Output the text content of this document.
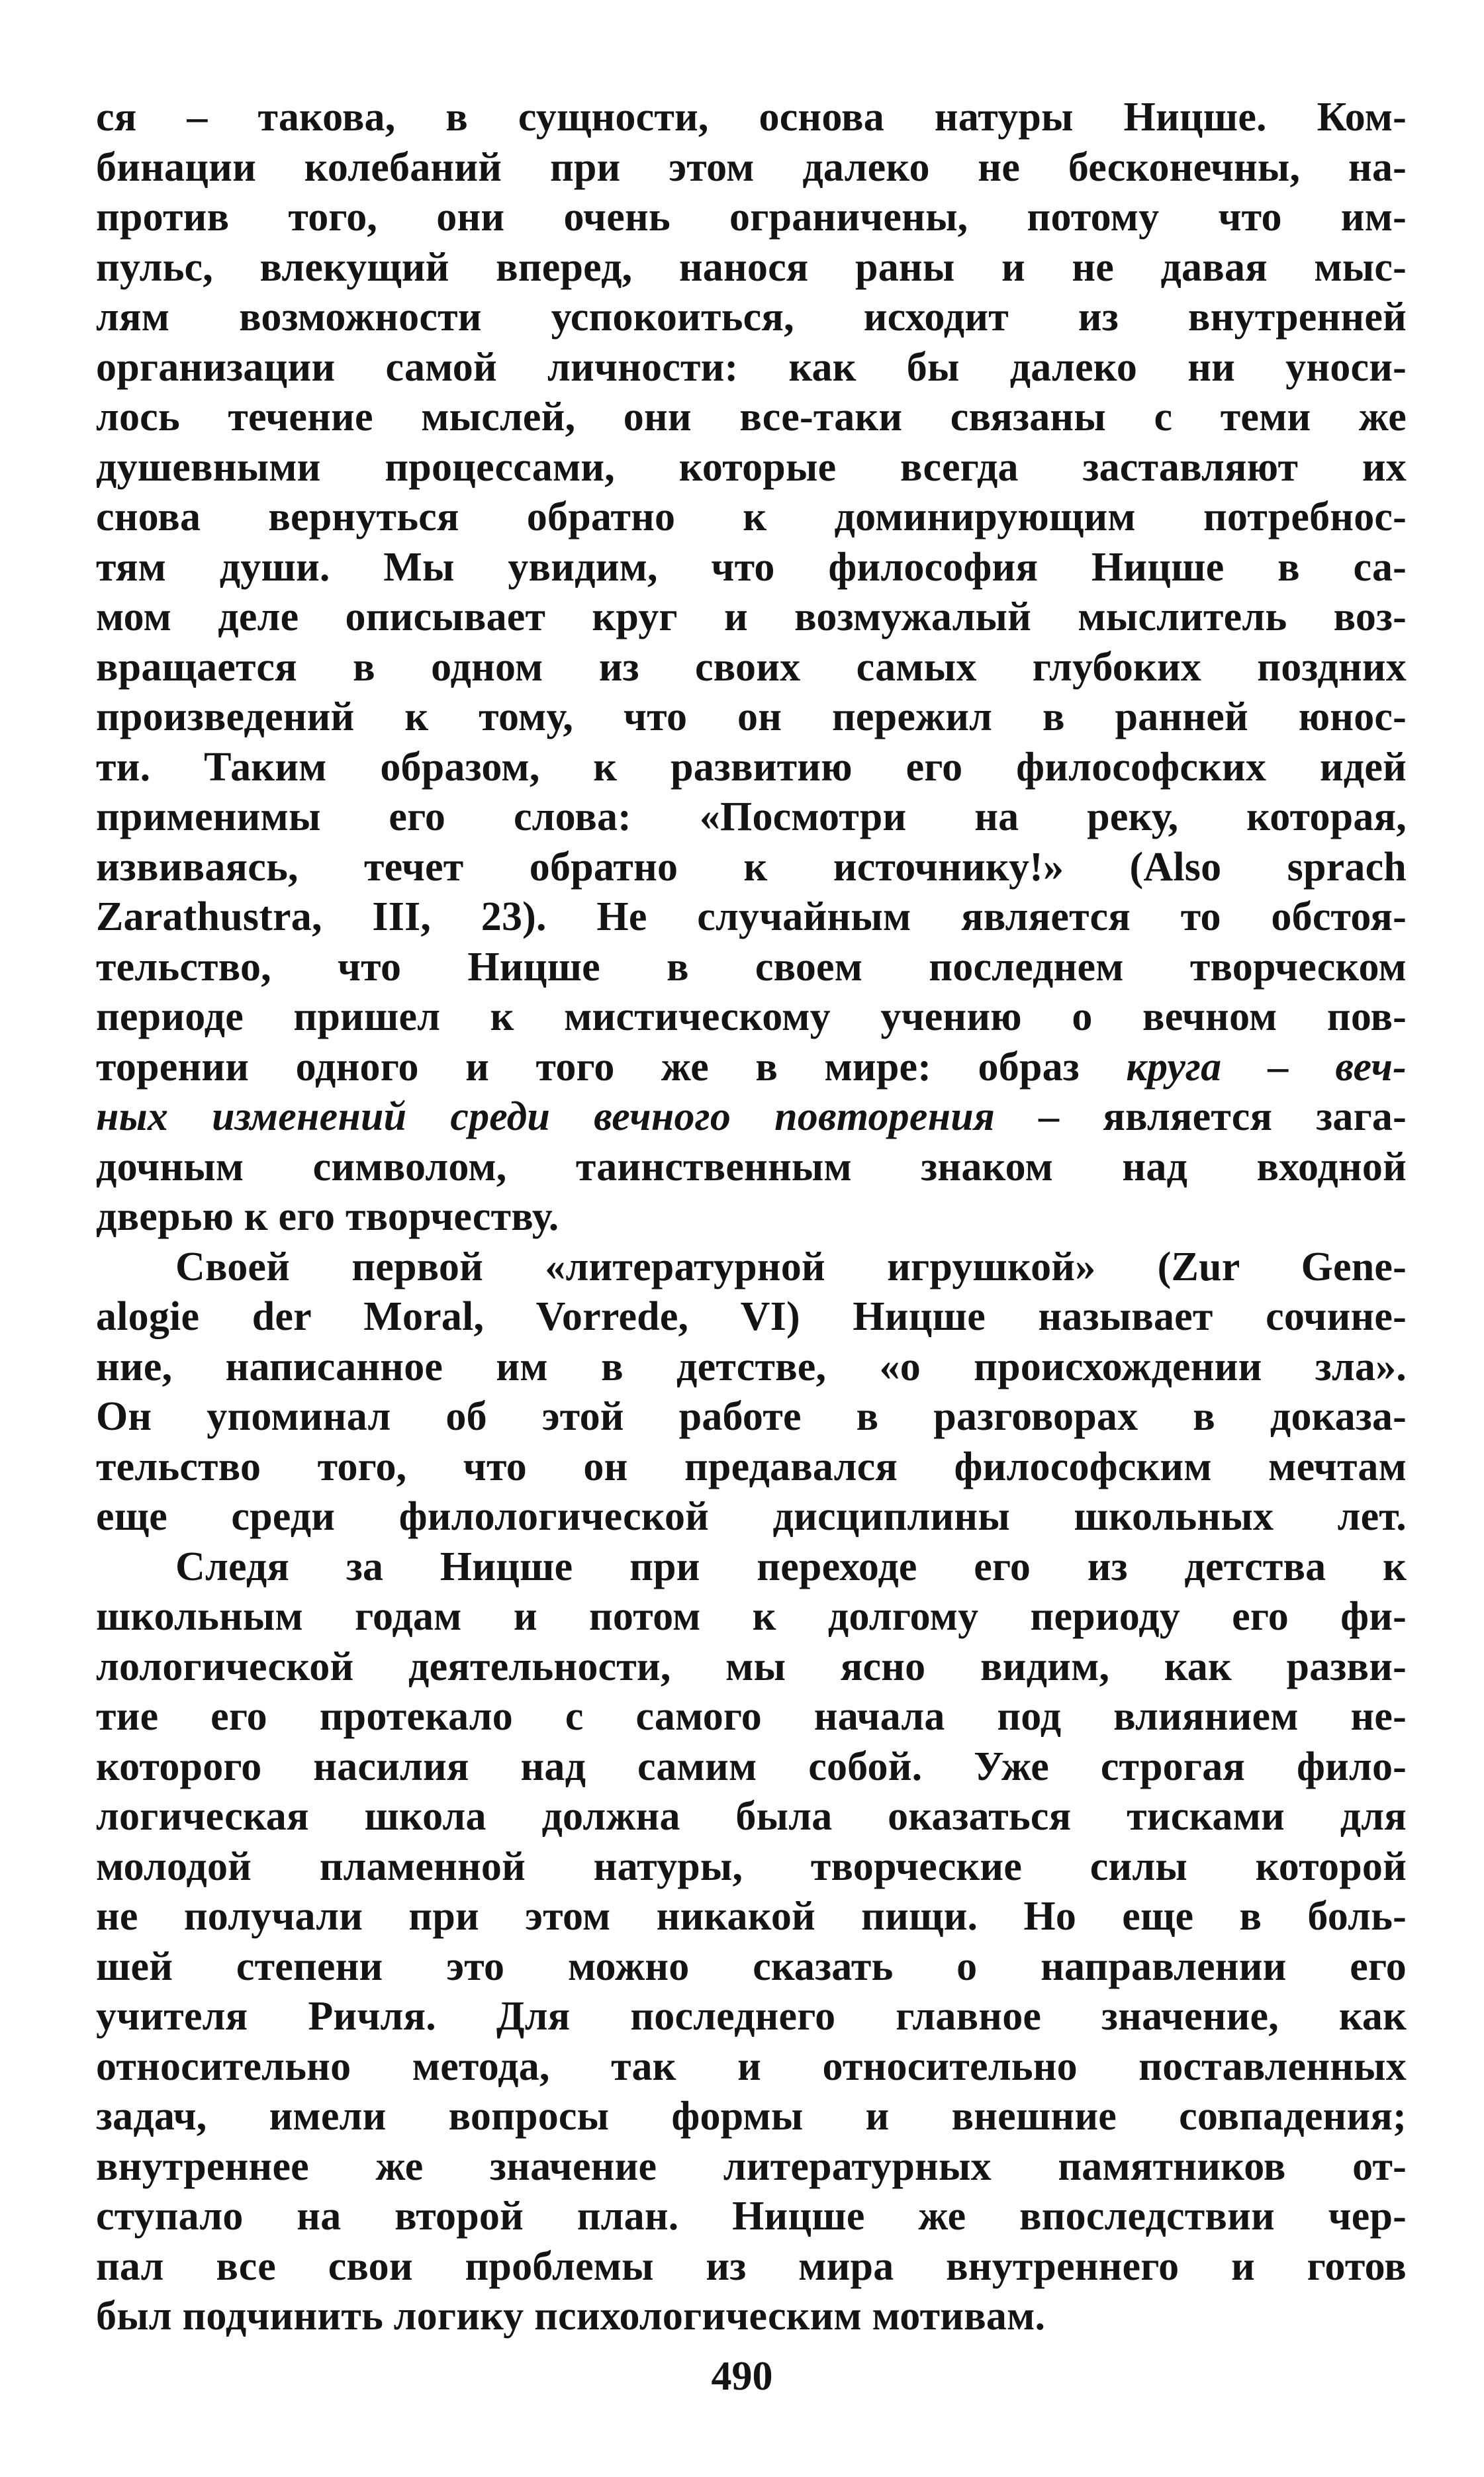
ся – такова, в сущности, основа натуры Ницше. Ком-
бинации колебаний при этом далеко не бесконечны, на-
против того, они очень ограничены, потому что им-
пульс, влекущий вперед, нанося раны и не давая мыс-
лям возможности успокоиться, исходит из внутренней
организации самой личности: как бы далеко ни уноси-
лось течение мыслей, они все-таки связаны с теми же
душевными процессами, которые всегда заставляют их
снова вернуться обратно к доминирующим потребнос-
тям души. Мы увидим, что философия Ницше в са-
мом деле описывает круг и возмужалый мыслитель воз-
вращается в одном из своих самых глубоких поздних
произведений к тому, что он пережил в ранней юнос-
ти. Таким образом, к развитию его философских идей
применимы его слова: «Посмотри на реку, которая,
извиваясь, течет обратно к источнику!» (Also sprach
Zarathustra, III, 23). Не случайным является то обстоя-
тельство, что Ницше в своем последнем творческом
периоде пришел к мистическому учению о вечном пов-
торении одного и того же в мире: образ круга – веч-
ных изменений среди вечного повторения – является зага-
дочным символом, таинственным знаком над входной
дверью к его творчеству.
Своей первой «литературной игрушкой» (Zur Gene-
alogie der Moral, Vorrede, VI) Ницше называет сочине-
ние, написанное им в детстве, «о происхождении зла».
Он упоминал об этой работе в разговорах в доказа-
тельство того, что он предавался философским мечтам
еще среди филологической дисциплины школьных лет.
Следя за Ницше при переходе его из детства к
школьным годам и потом к долгому периоду его фи-
лологической деятельности, мы ясно видим, как разви-
тие его протекало с самого начала под влиянием не-
которого насилия над самим собой. Уже строгая фило-
логическая школа должна была оказаться тисками для
молодой пламенной натуры, творческие силы которой
не получали при этом никакой пищи. Но еще в боль-
шей степени это можно сказать о направлении его
учителя Ричля. Для последнего главное значение, как
относительно метода, так и относительно поставленных
задач, имели вопросы формы и внешние совпадения;
внутреннее же значение литературных памятников от-
ступало на второй план. Ницше же впоследствии чер-
пал все свои проблемы из мира внутреннего и готов
был подчинить логику психологическим мотивам.
490
